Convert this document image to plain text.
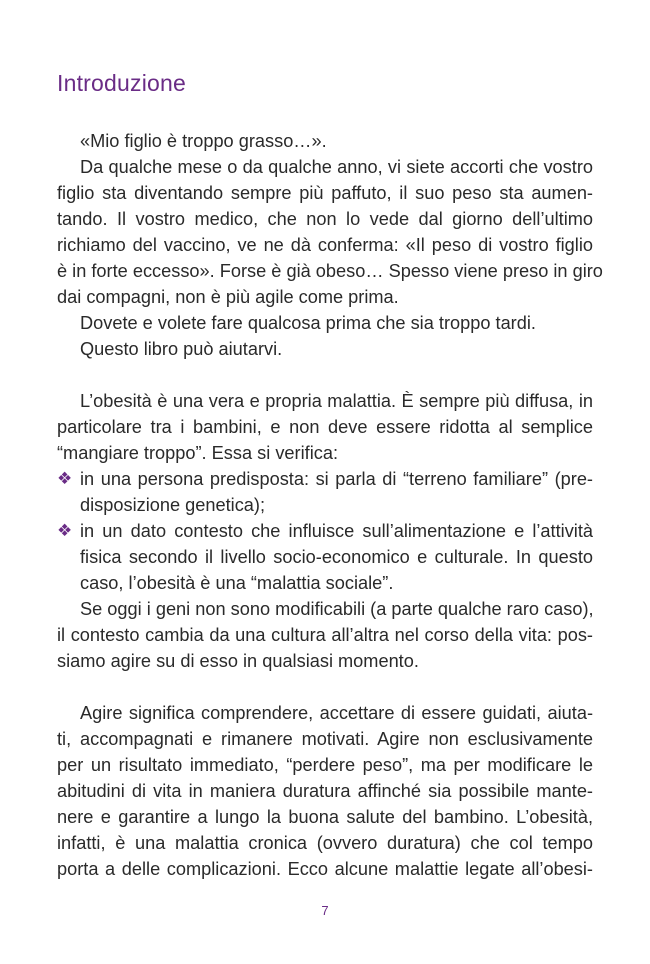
Introduzione

«Mio figlio è troppo grasso…».

Da qualche mese o da qualche anno, vi siete accorti che vostro

figlio sta diventando sempre più paffuto, il suo peso sta aumen-

tando. Il vostro medico, che non lo vede dal giorno dell’ultimo

richiamo del vaccino, ve ne dà conferma: «Il peso di vostro figlio

è in forte eccesso». Forse è già obeso… Spesso viene preso in giro

dai compagni, non è più agile come prima.

Dovete e volete fare qualcosa prima che sia troppo tardi.

Questo libro può aiutarvi.

L’obesità è una vera e propria malattia. È sempre più diffusa, in

particolare tra i bambini, e non deve essere ridotta al semplice

“mangiare troppo”. Essa si verifica:

❖ in una persona predisposta: si parla di “terreno familiare” (pre-

disposizione genetica);

❖ in un dato contesto che influisce sull’alimentazione e l’attività

fisica secondo il livello socio-economico e culturale. In questo

caso, l’obesità è una “malattia sociale”.

Se oggi i geni non sono modificabili (a parte qualche raro caso),

il contesto cambia da una cultura all’altra nel corso della vita: pos-

siamo agire su di esso in qualsiasi momento.

Agire significa comprendere, accettare di essere guidati, aiuta-

ti, accompagnati e rimanere motivati. Agire non esclusivamente

per un risultato immediato, “perdere peso”, ma per modificare le

abitudini di vita in maniera duratura affinché sia possibile mante-

nere e garantire a lungo la buona salute del bambino. L’obesità,

infatti, è una malattia cronica (ovvero duratura) che col tempo

porta a delle complicazioni. Ecco alcune malattie legate all’obesi-

7
